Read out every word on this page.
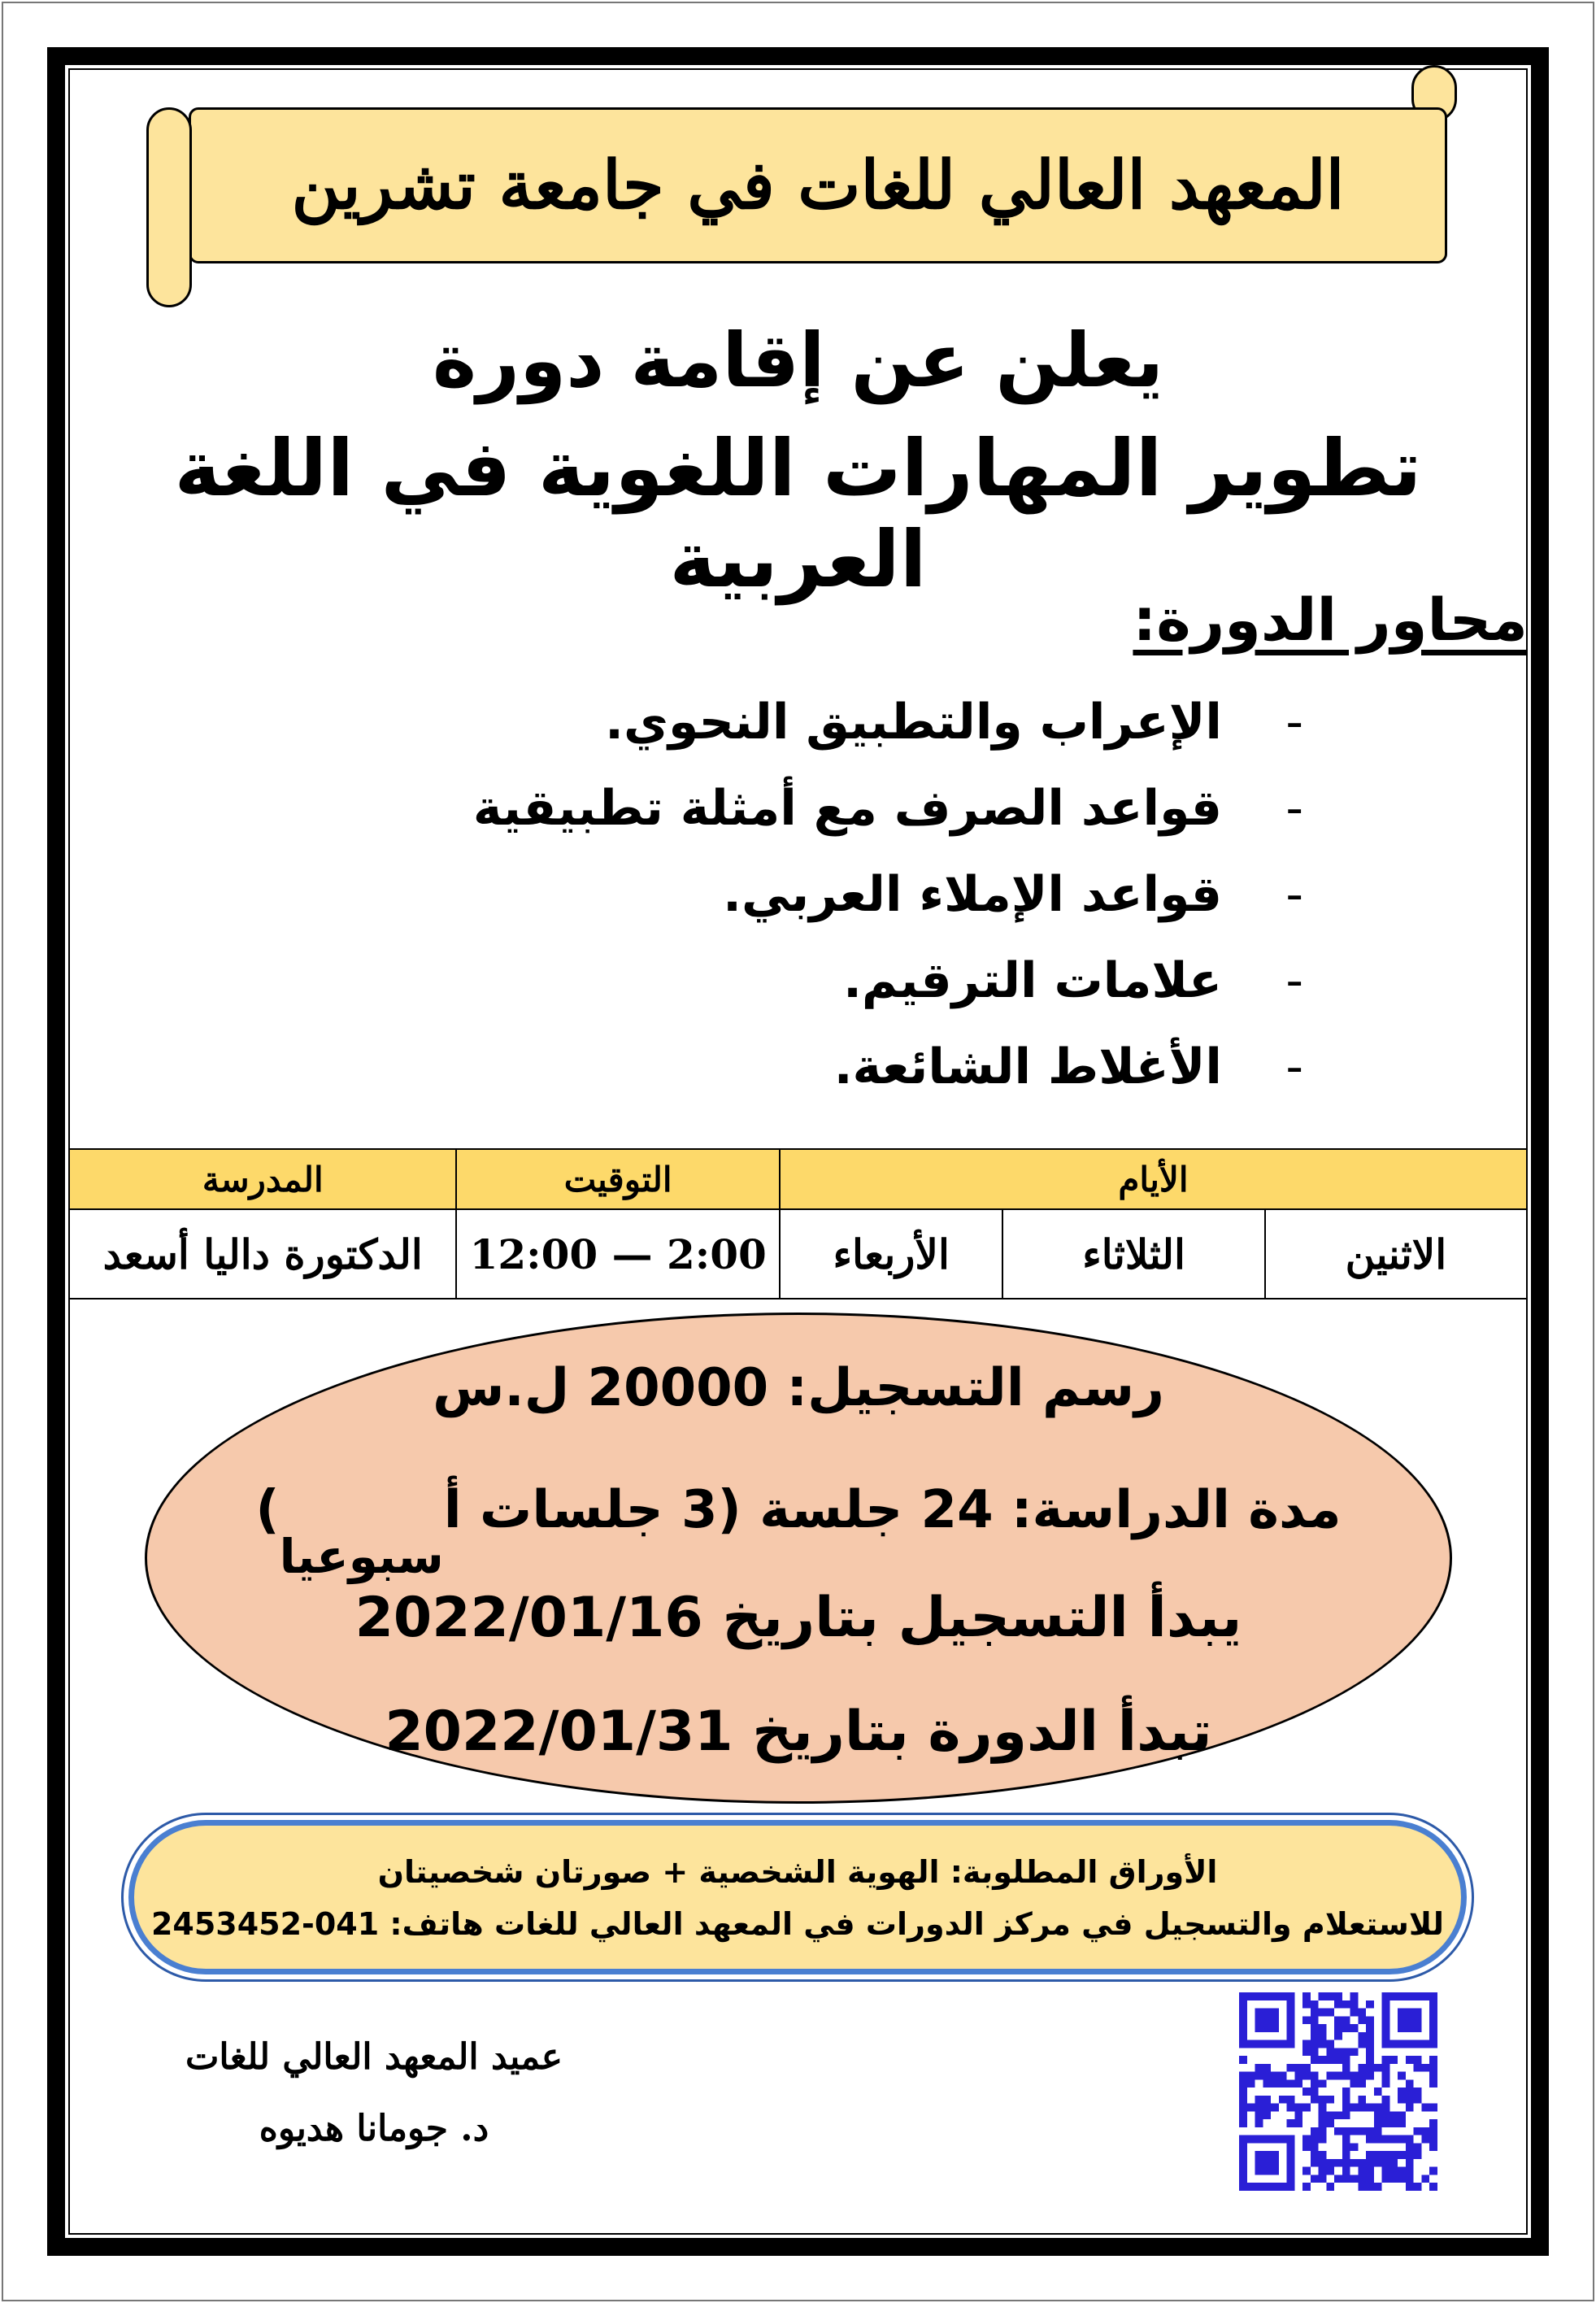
المعهد العالي للغات في جامعة تشرين
يعلن عن إقامة دورة
تطوير المهارات اللغوية في اللغة العربية
محاور الدورة:
- الإعراب والتطبيق النحوي.
- قواعد الصرف مع أمثلة تطبيقية
- قواعد الإملاء العربي.
- علامات الترقيم.
- الأغلاط الشائعة.
الأيام			التوقيت	المدرسة
الاثنين	الثلاثاء	الأربعاء	12:00 — 2:00	الدكتورة داليا أسعد
رسم التسجيل: 20000 ل.س
مدة الدراسة: 24 جلسة (3 جلسات أسبوعيا)
يبدأ التسجيل بتاريخ 2022/01/16
تبدأ الدورة بتاريخ 2022/01/31
الأوراق المطلوبة: الهوية الشخصية + صورتان شخصيتان
للاستعلام والتسجيل في مركز الدورات في المعهد العالي للغات هاتف: 041-2453452
عميد المعهد العالي للغات
د. جومانا هديوه
